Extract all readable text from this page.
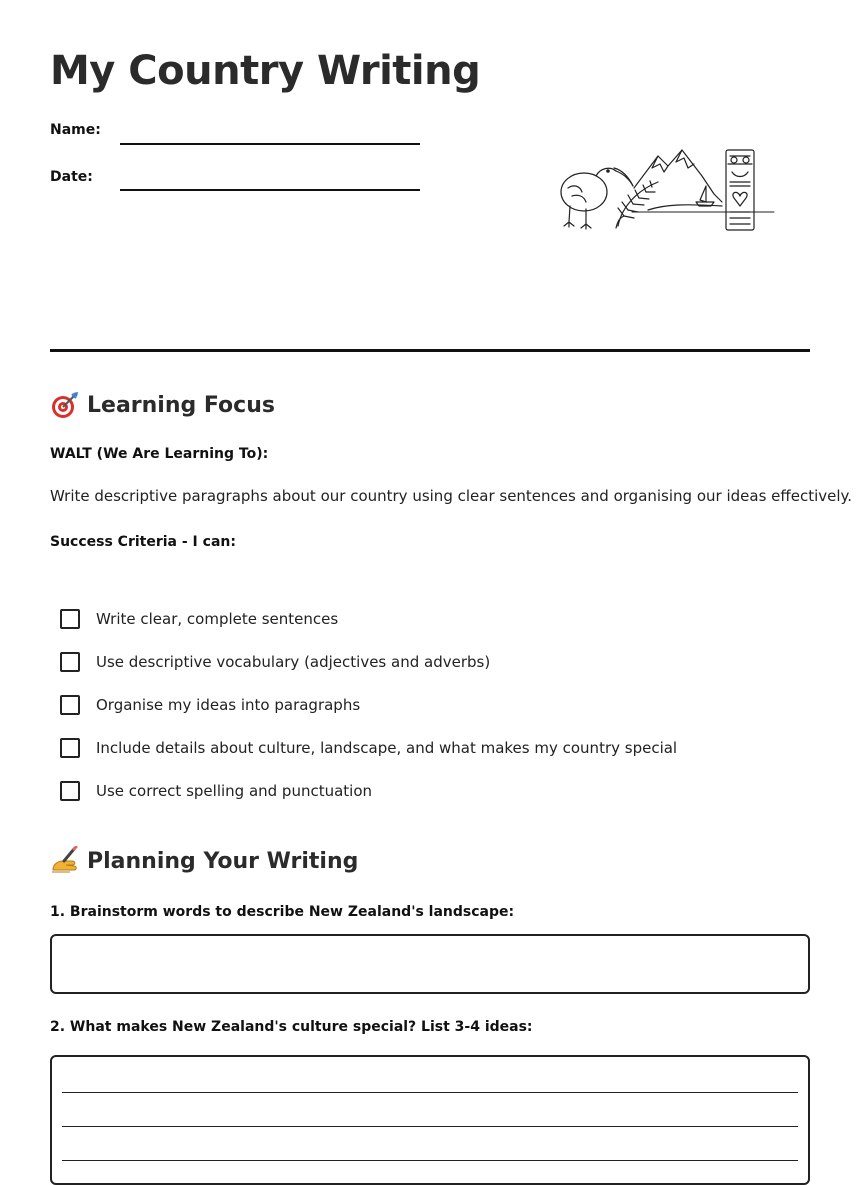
My Country Writing
Name:
Date:
Learning Focus
WALT (We Are Learning To):
Write descriptive paragraphs about our country using clear sentences and organising our ideas effectively.
Success Criteria - I can:
Write clear, complete sentences
Use descriptive vocabulary (adjectives and adverbs)
Organise my ideas into paragraphs
Include details about culture, landscape, and what makes my country special
Use correct spelling and punctuation
Planning Your Writing
1. Brainstorm words to describe New Zealand's landscape:
2. What makes New Zealand's culture special? List 3-4 ideas:
